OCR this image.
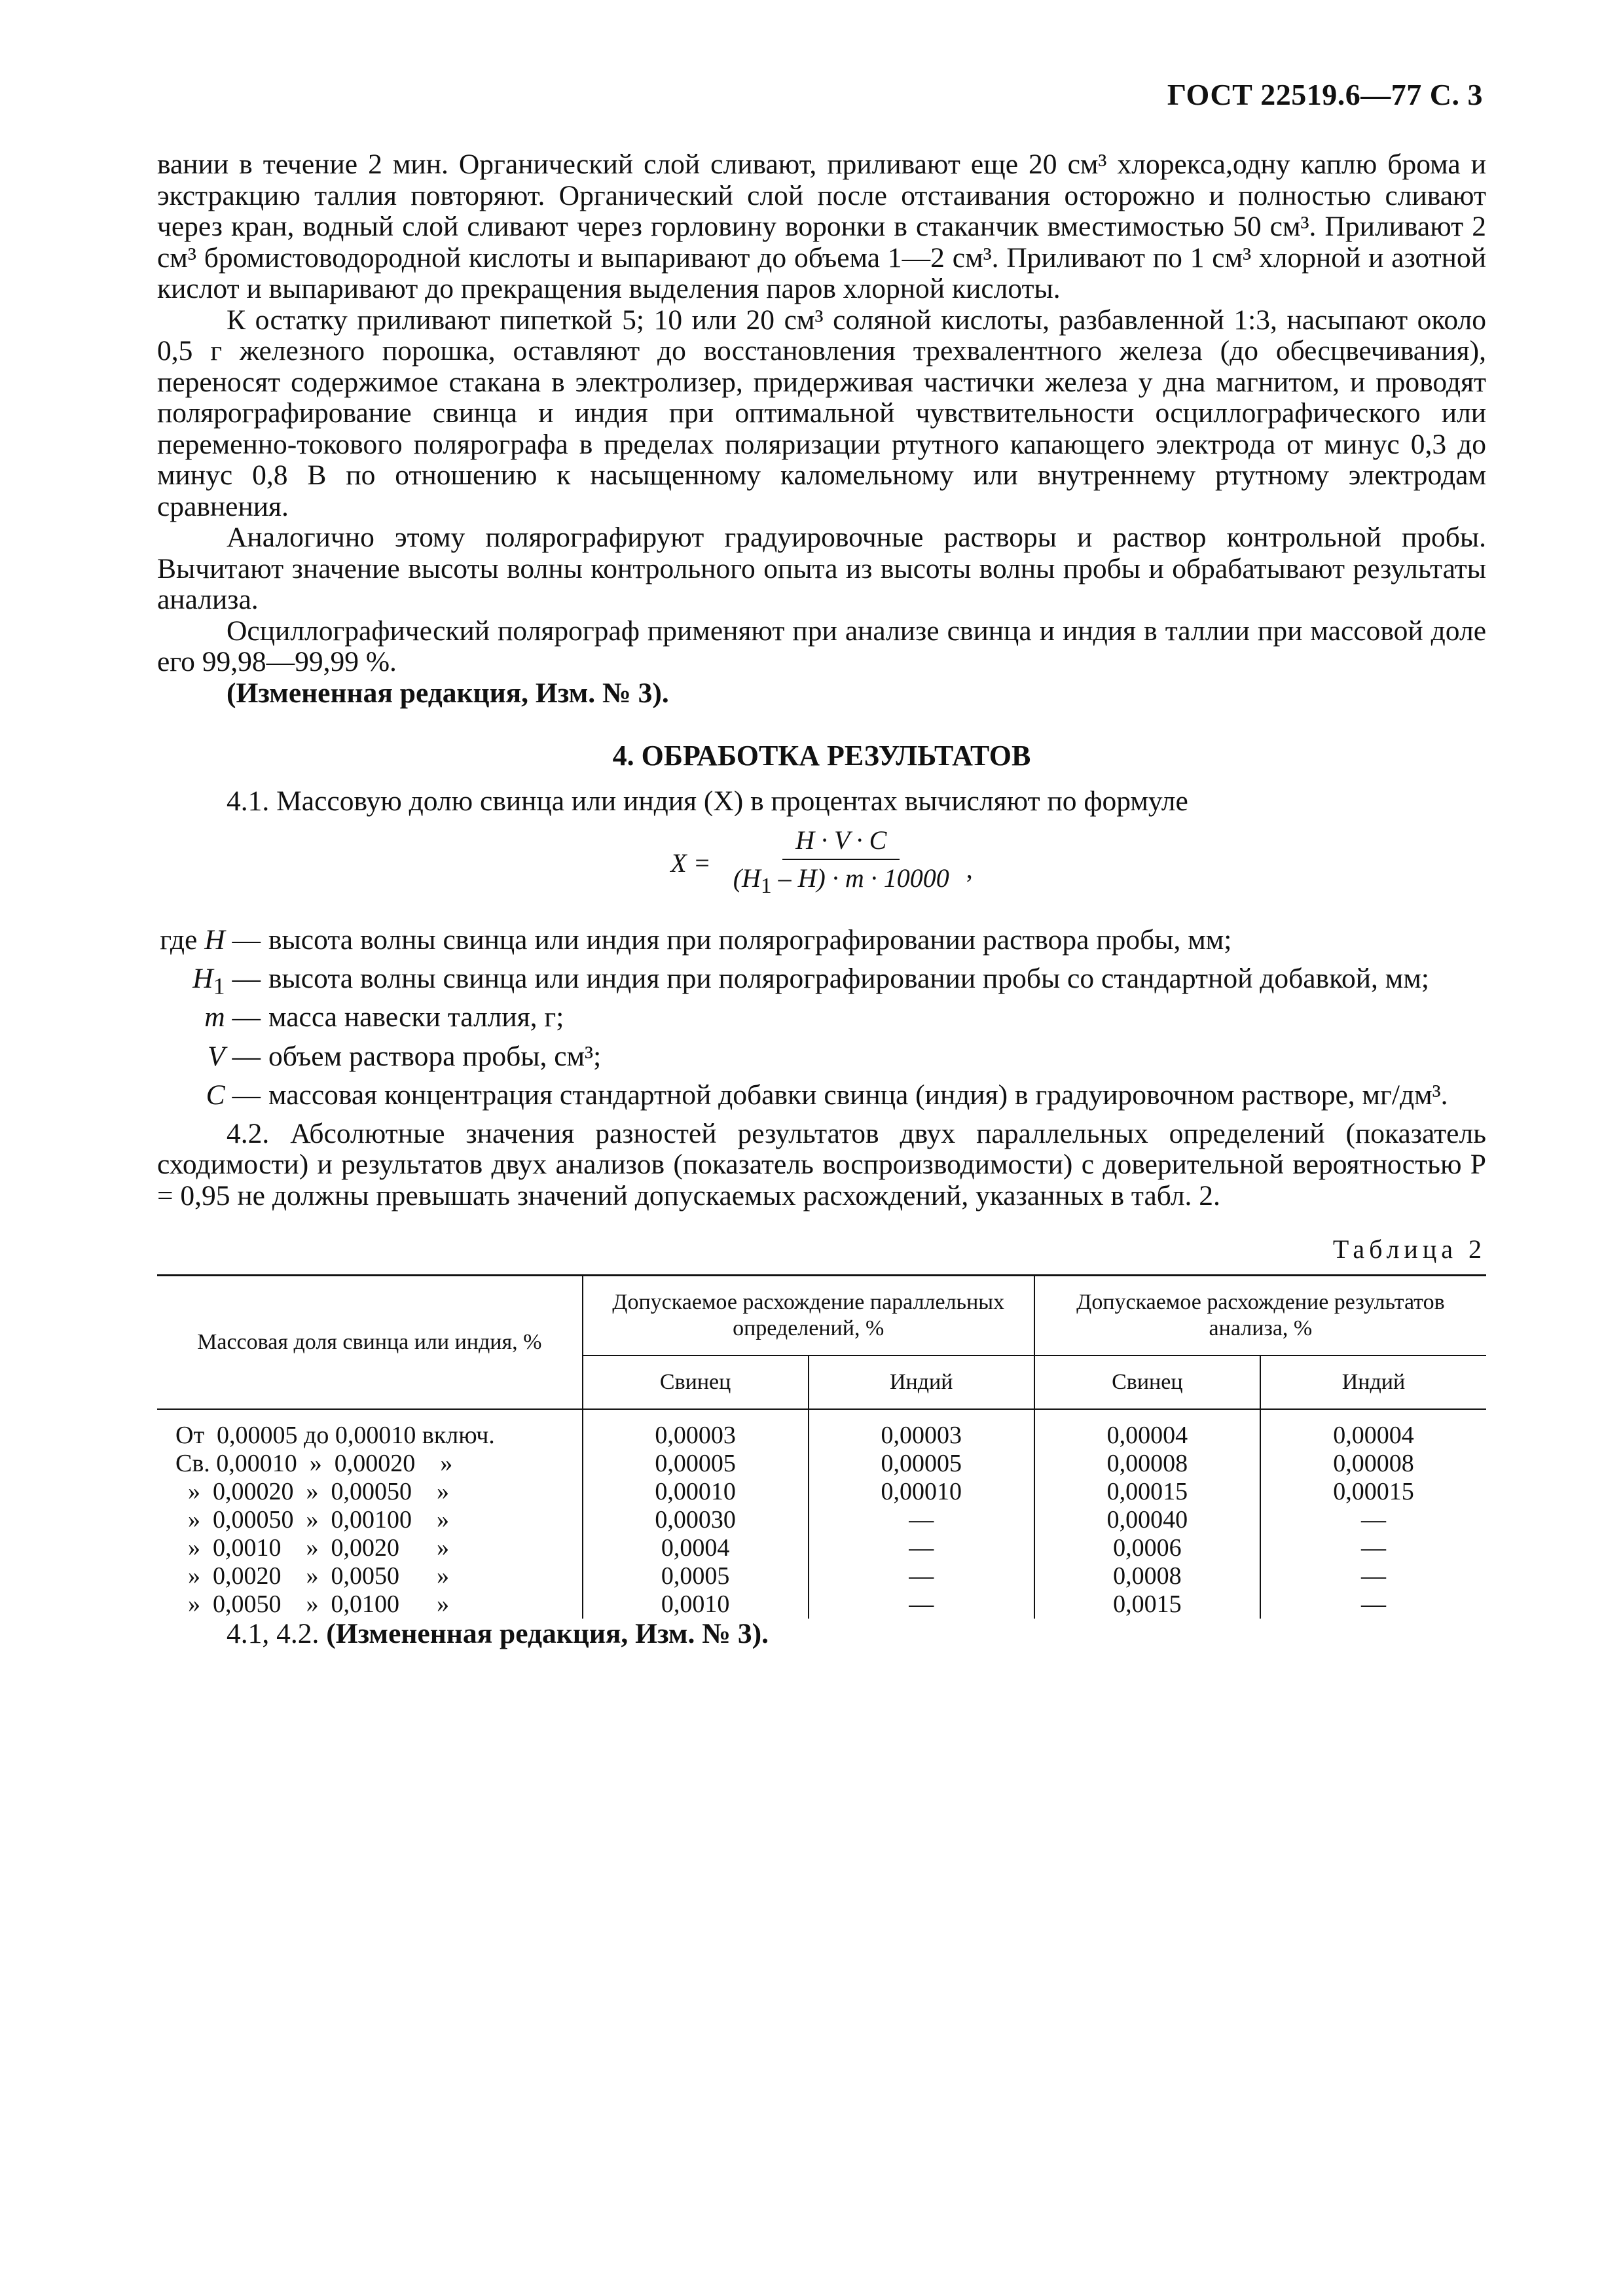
ГОСТ 22519.6—77 С. 3

вании в течение 2 мин. Органический слой сливают, приливают еще 20 см³ хлорекса,одну каплю брома и экстракцию таллия повторяют. Органический слой после отстаивания осторожно и полностью сливают через кран, водный слой сливают через горловину воронки в стаканчик вместимостью 50 см³. Приливают 2 см³ бромистоводородной кислоты и выпаривают до объема 1—2 см³. Приливают по 1 см³ хлорной и азотной кислот и выпаривают до прекращения выделения паров хлорной кислоты.

К остатку приливают пипеткой 5; 10 или 20 см³ соляной кислоты, разбавленной 1:3, насыпают около 0,5 г железного порошка, оставляют до восстановления трехвалентного железа (до обесцвечивания), переносят содержимое стакана в электролизер, придерживая частички железа у дна магнитом, и проводят полярографирование свинца и индия при оптимальной чувствительности осциллографического или переменно-токового полярографа в пределах поляризации ртутного капающего электрода от минус 0,3 до минус 0,8 В по отношению к насыщенному каломельному или внутреннему ртутному электродам сравнения.

Аналогично этому полярографируют градуировочные растворы и раствор контрольной пробы. Вычитают значение высоты волны контрольного опыта из высоты волны пробы и обрабатывают результаты анализа.

Осциллографический полярограф применяют при анализе свинца и индия в таллии при массовой доле его 99,98—99,99 %.

(Измененная редакция, Изм. № 3).

4. ОБРАБОТКА РЕЗУЛЬТАТОВ

4.1. Массовую долю свинца или индия (X) в процентах вычисляют по формуле

$X = \frac{H \cdot V \cdot C}{(H_1 - H) \cdot m \cdot 10000}$ ,
где H — высота волны свинца или индия при полярографировании раствора пробы, мм;
$H_1$ — высота волны свинца или индия при полярографировании пробы со стандартной добавкой, мм;
m — масса навески таллия, г;
V — объем раствора пробы, см³;
C — массовая концентрация стандартной добавки свинца (индия) в градуировочном растворе, мг/дм³.

4.2. Абсолютные значения разностей результатов двух параллельных определений (показатель сходимости) и результатов двух анализов (показатель воспроизводимости) с доверительной вероятностью P = 0,95 не должны превышать значений допускаемых расхождений, указанных в табл. 2.

Таблица 2
Массовая доля свинца или индия, %	Допускаемое расхождение параллельных определений, %		Допускаемое расхождение результатов анализа, %	
	Свинец	Индий	Свинец	Индий
От  0,00005 до 0,00010 включ.	0,00003	0,00003	0,00004	0,00004
Св. 0,00010  »  0,00020    »	0,00005	0,00005	0,00008	0,00008
»  0,00020  »  0,00050    »	0,00010	0,00010	0,00015	0,00015
»  0,00050  »  0,00100    »	0,00030	—	0,00040	—
»  0,0010    »  0,0020      »	0,0004	—	0,0006	—
»  0,0020    »  0,0050      »	0,0005	—	0,0008	—
»  0,0050    »  0,0100      »	0,0010	—	0,0015	—

4.1, 4.2. (Измененная редакция, Изм. № 3).
